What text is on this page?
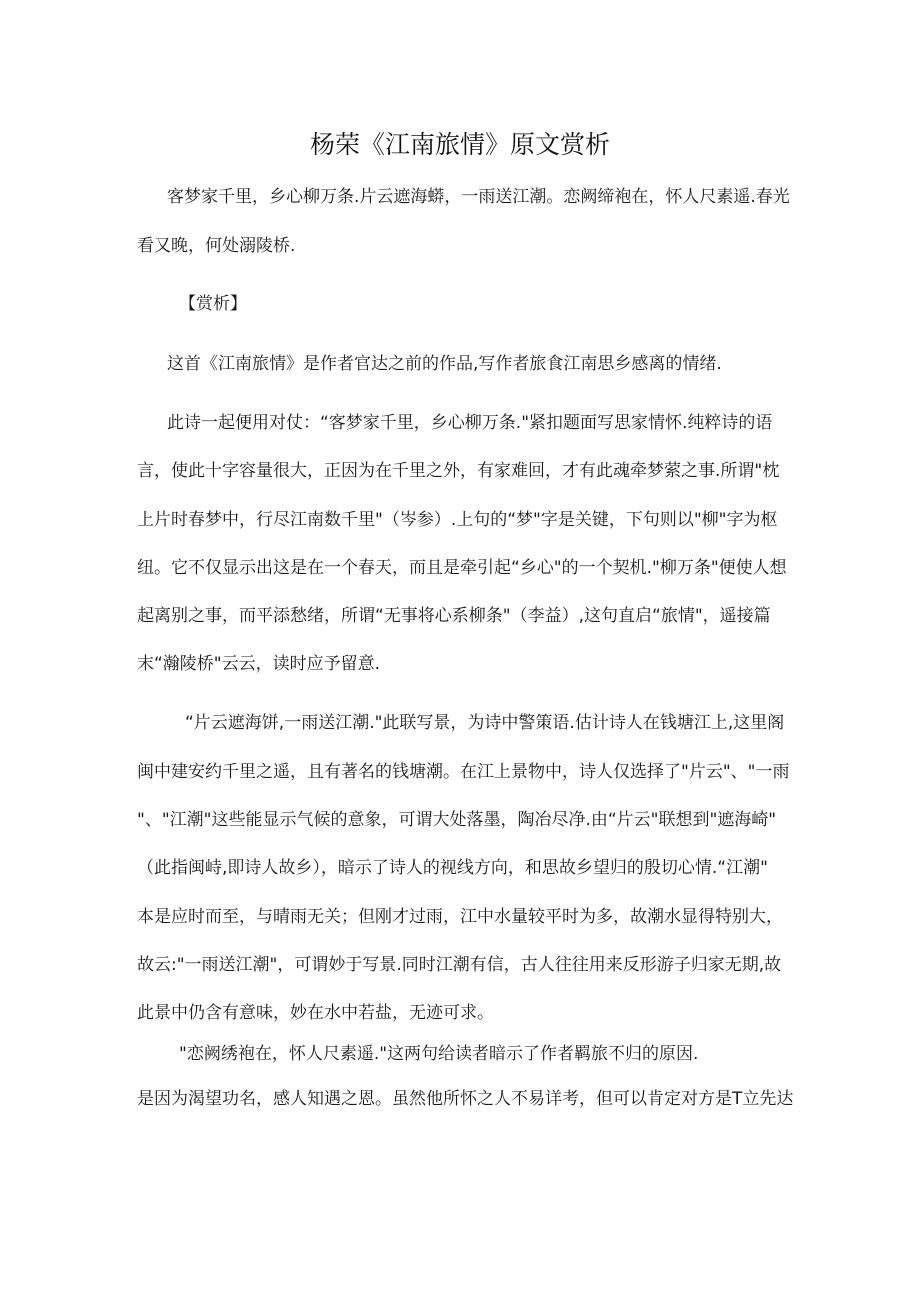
杨荣《江南旅情》原文赏析

客梦家千里，乡心柳万条.片云遮海蟒，一雨送江潮。恋阙缔袍在，怀人尺素遥.春光

看又晚，何处溺陵桥.

【赏析】

这首《江南旅情》是作者官达之前的作品,写作者旅食江南思乡感离的情绪.

此诗一起便用对仗：“客梦家千里，乡心柳万条."紧扣题面写思家情怀.纯粹诗的语

言，使此十字容量很大，正因为在千里之外，有家难回，才有此魂牵梦萦之事.所谓"枕

上片时春梦中，行尽江南数千里"（岑参）.上句的“梦"字是关键，下句则以"柳"字为枢

纽。它不仅显示出这是在一个春天，而且是牵引起“乡心"的一个契机."柳万条"便使人想

起离别之事，而平添愁绪，所谓“无事将心系柳条"（李益）,这句直启“旅情"，遥接篇

末“瀚陵桥"云云，读时应予留意.

“片云遮海饼,一雨送江潮."此联写景，为诗中警策语.估计诗人在钱塘江上,这里阁

闽中建安约千里之遥，且有著名的钱塘潮。在江上景物中，诗人仅选择了"片云"、"一雨

"、"江潮"这些能显示气候的意象，可谓大处落墨，陶冶尽净.由“片云"联想到"遮海崎"

（此指闽峙,即诗人故乡），暗示了诗人的视线方向，和思故乡望归的殷切心情.“江潮"

本是应时而至，与晴雨无关；但刚才过雨，江中水量较平时为多，故潮水显得特别大，

故云:"一雨送江潮"，可谓妙于写景.同时江潮有信，古人往往用来反形游子归家无期,故

此景中仍含有意味，妙在水中若盐，无迹可求。

"恋阙绣袍在，怀人尺素遥."这两句给读者暗示了作者羁旅不归的原因.

是因为渴望功名，感人知遇之恩。虽然他所怀之人不易详考，但可以肯定对方是T立先达
